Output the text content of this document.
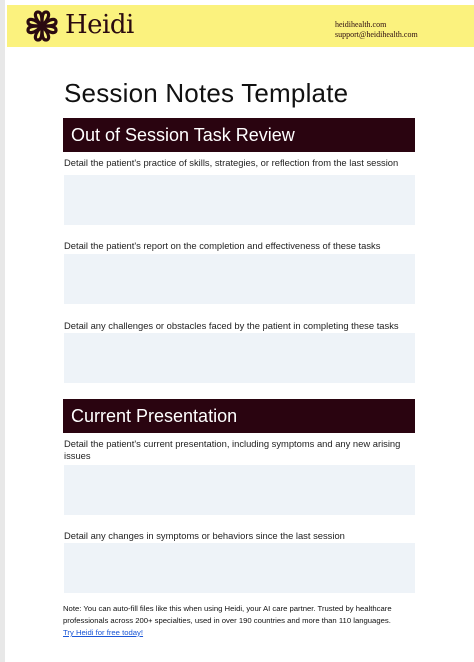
Heidi	heidihealth.com
support@heidihealth.com
Session Notes Template
Out of Session Task Review
Detail the patient's practice of skills, strategies, or reflection from the last session
Detail the patient's report on the completion and effectiveness of these tasks
Detail any challenges or obstacles faced by the patient in completing these tasks
Current Presentation
Detail the patient's current presentation, including symptoms and any new arising issues
Detail any changes in symptoms or behaviors since the last session
Note: You can auto-fill files like this when using Heidi, your AI care partner. Trusted by healthcare professionals across 200+ specialties, used in over 190 countries and more than 110 languages.
Try Heidi for free today!
